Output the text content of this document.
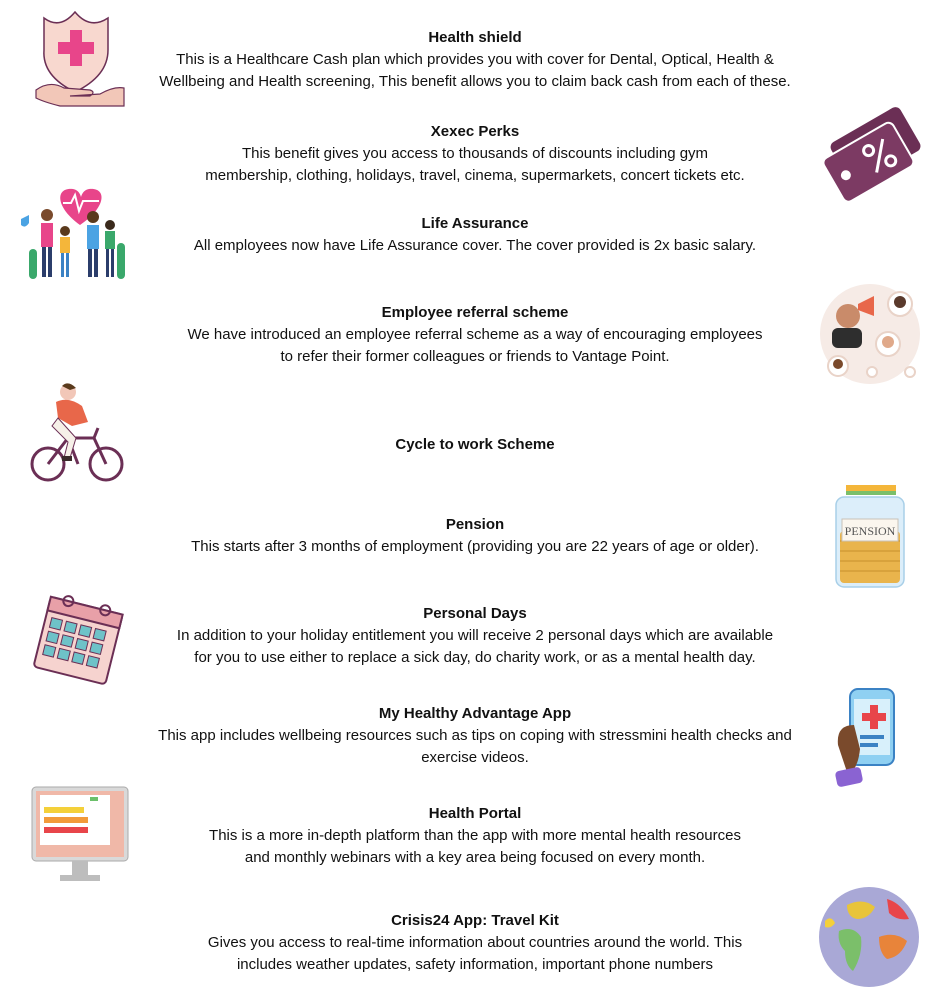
Health shield
This is a Healthcare Cash plan which provides you with cover for Dental, Optical, Health &
Wellbeing and Health screening, This benefit allows you to claim back cash from each of these.
Xexec Perks
This benefit gives you access to thousands of discounts including gym
membership, clothing, holidays, travel, cinema, supermarkets, concert tickets etc.
Life Assurance
All employees now have Life Assurance cover. The cover provided is 2x basic salary.
Employee referral scheme
We have introduced an employee referral scheme as a way of encouraging employees
to refer their former colleagues or friends to Vantage Point.
Cycle to work Scheme
Pension
This starts after 3 months of employment (providing you are 22 years of age or older).
Personal Days
In addition to your holiday entitlement you will receive 2 personal days which are available
for you to use either to replace a sick day, do charity work, or as a mental health day.
My Healthy Advantage App
This app includes wellbeing resources such as tips on coping with stressmini health checks and
exercise videos.
Health Portal
This is a more in-depth platform than the app with more mental health resources
and monthly webinars with a key area being focused on every month.
Crisis24 App: Travel Kit
Gives you access to real-time information about countries around the world. This
includes weather updates, safety information, important phone numbers
PENSION
